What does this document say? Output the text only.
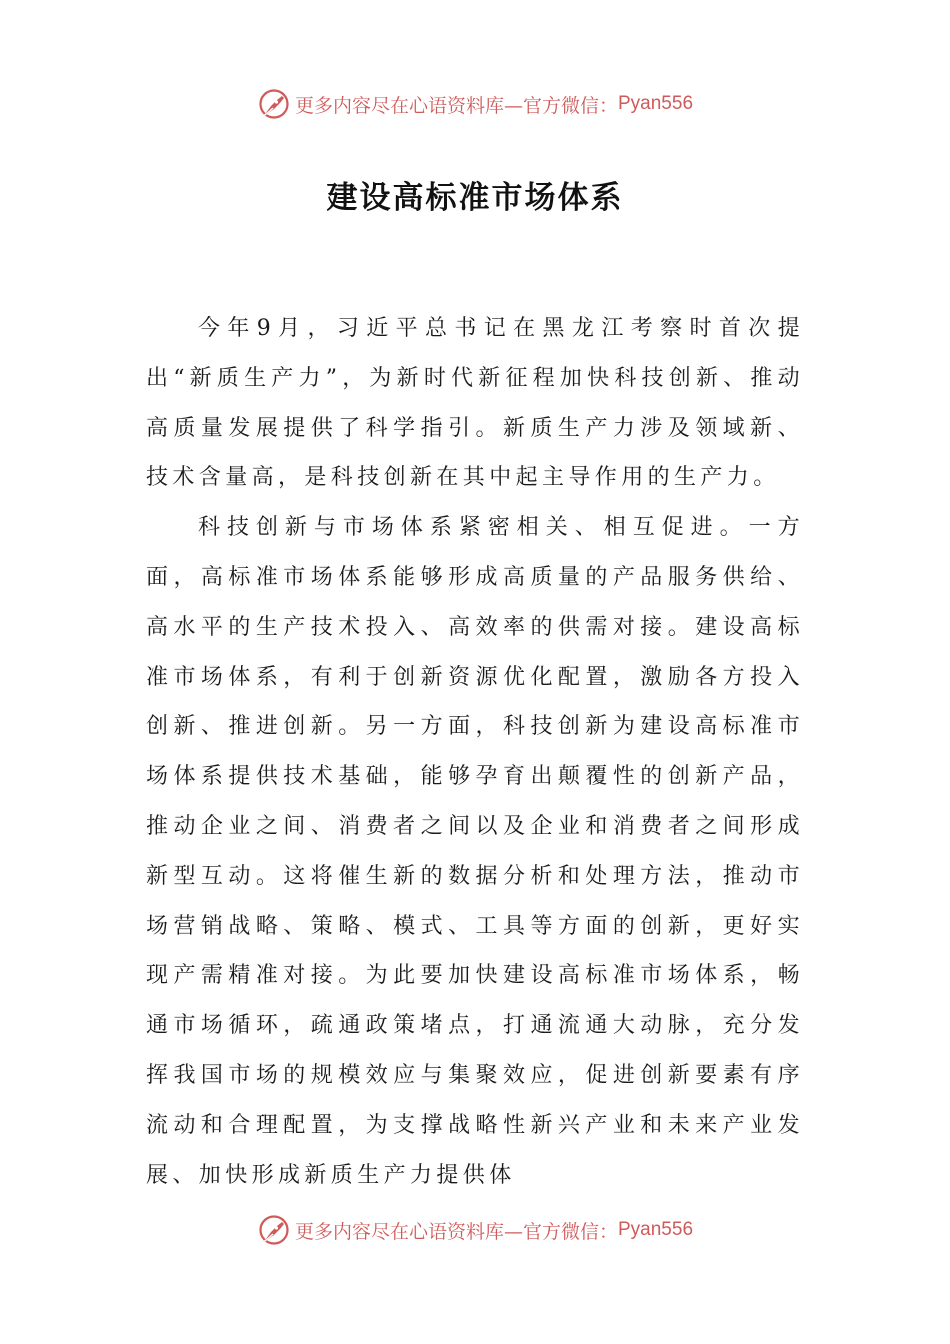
更多内容尽在心语资料库—官方微信： Pyan556
建设高标准市场体系

今年9月，习近平总书记在黑龙江考察时首次提出“新质生产力”，为新时代新征程加快科技创新、推动高质量发展提供了科学指引。新质生产力涉及领域新、技术含量高，是科技创新在其中起主导作用的生产力。

科技创新与市场体系紧密相关、相互促进。一方面，高标准市场体系能够形成高质量的产品服务供给、高水平的生产技术投入、高效率的供需对接。建设高标准市场体系，有利于创新资源优化配置，激励各方投入创新、推进创新。另一方面，科技创新为建设高标准市场体系提供技术基础，能够孕育出颠覆性的创新产品，推动企业之间、消费者之间以及企业和消费者之间形成新型互动。这将催生新的数据分析和处理方法，推动市场营销战略、策略、模式、工具等方面的创新，更好实现产需精准对接。为此要加快建设高标准市场体系，畅通市场循环，疏通政策堵点，打通流通大动脉，充分发挥我国市场的规模效应与集聚效应，促进创新要素有序流动和合理配置，为支撑战略性新兴产业和未来产业发展、加快形成新质生产力提供体

更多内容尽在心语资料库—官方微信： Pyan556
